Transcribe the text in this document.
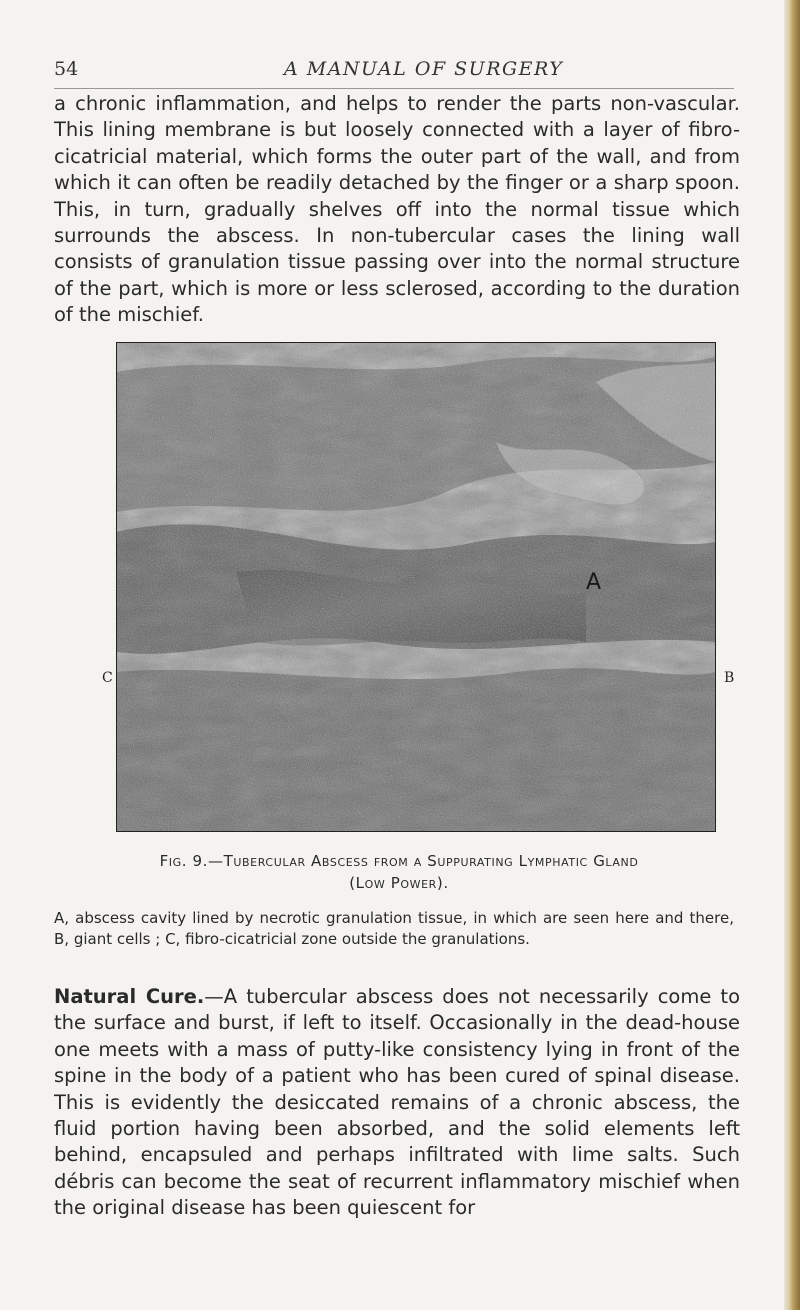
54	A MANUAL OF SURGERY

a chronic inflammation, and helps to render the parts non-vascular. This lining membrane is but loosely connected with a layer of fibro-cicatricial material, which forms the outer part of the wall, and from which it can often be readily detached by the finger or a sharp spoon. This, in turn, gradually shelves off into the normal tissue which surrounds the abscess. In non-tubercular cases the lining wall consists of granulation tissue passing over into the normal structure of the part, which is more or less sclerosed, according to the duration of the mischief.

A
B
C
Fig. 9.—Tubercular Abscess from a Suppurating Lymphatic Gland
(Low Power).
A, abscess cavity lined by necrotic granulation tissue, in which are seen here and there, B, giant cells ; C, fibro-cicatricial zone outside the granulations.

Natural Cure.—A tubercular abscess does not necessarily come to the surface and burst, if left to itself. Occasionally in the dead-house one meets with a mass of putty-like consistency lying in front of the spine in the body of a patient who has been cured of spinal disease. This is evidently the desiccated remains of a chronic abscess, the fluid portion having been absorbed, and the solid elements left behind, encapsuled and perhaps infiltrated with lime salts. Such débris can become the seat of recurrent inflammatory mischief when the original disease has been quiescent for
